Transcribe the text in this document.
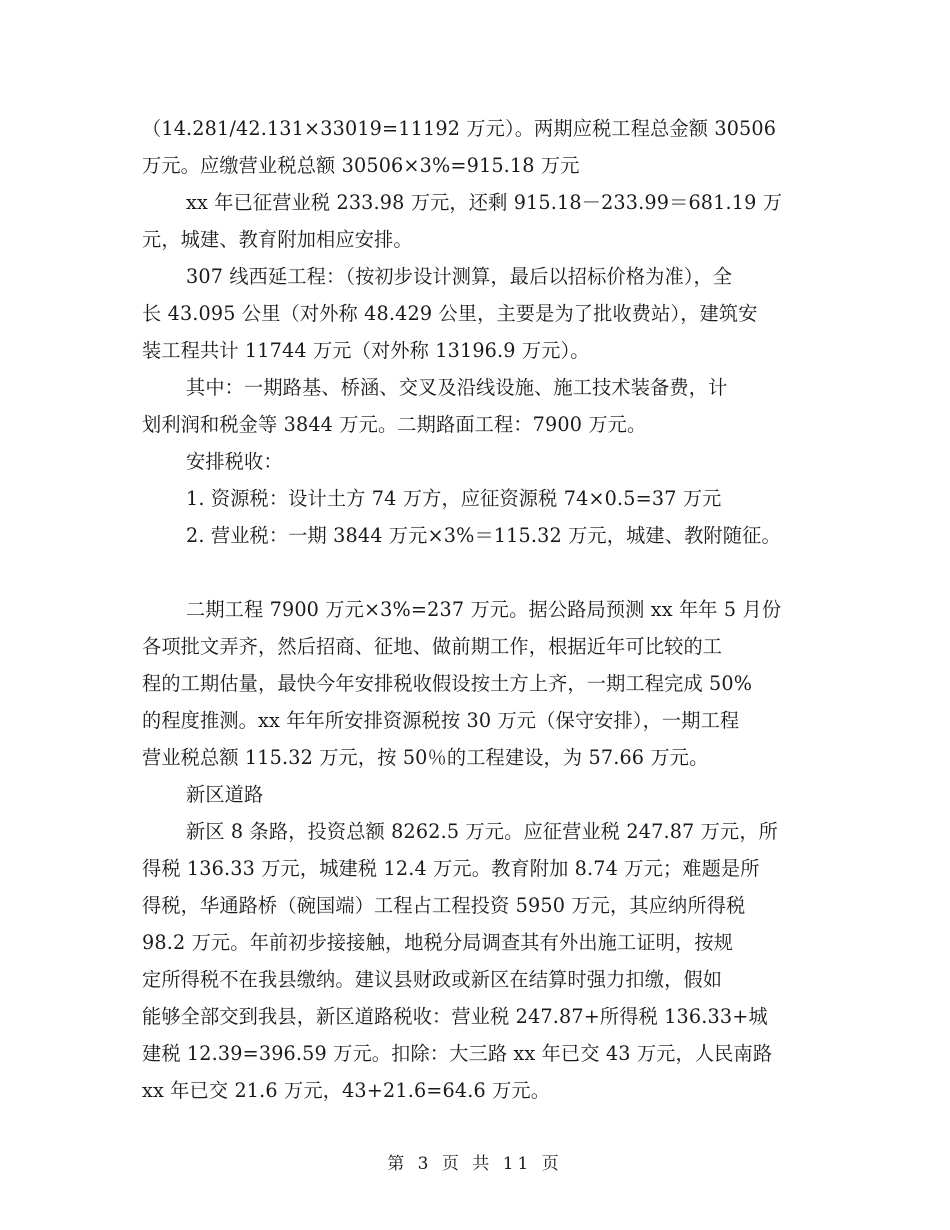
（14.281/42.131×33019=11192 万元）。两期应税工程总金额 30506
万元。应缴营业税总额 30506×3%=915.18 万元
xx 年已征营业税 233.98 万元，还剩 915.18－233.99＝681.19 万
元，城建、教育附加相应安排。
307 线西延工程：（按初步设计测算，最后以招标价格为准），全
长 43.095 公里（对外称 48.429 公里，主要是为了批收费站），建筑安
装工程共计 11744 万元（对外称 13196.9 万元）。
其中：一期路基、桥涵、交叉及沿线设施、施工技术装备费，计
划利润和税金等 3844 万元。二期路面工程：7900 万元。
安排税收：
1. 资源税：设计土方 74 万方，应征资源税 74×0.5=37 万元
2. 营业税：一期 3844 万元×3%＝115.32 万元，城建、教附随征。
二期工程 7900 万元×3%=237 万元。据公路局预测 xx 年年 5 月份
各项批文弄齐，然后招商、征地、做前期工作，根据近年可比较的工
程的工期估量，最快今年安排税收假设按土方上齐，一期工程完成 50%
的程度推测。xx 年年所安排资源税按 30 万元（保守安排），一期工程
营业税总额 115.32 万元，按 50％的工程建设，为 57.66 万元。
新区道路
新区 8 条路，投资总额 8262.5 万元。应征营业税 247.87 万元，所
得税 136.33 万元，城建税 12.4 万元。教育附加 8.74 万元；难题是所
得税，华通路桥（碗国端）工程占工程投资 5950 万元，其应纳所得税
98.2 万元。年前初步接接触，地税分局调查其有外出施工证明，按规
定所得税不在我县缴纳。建议县财政或新区在结算时强力扣缴，假如
能够全部交到我县，新区道路税收：营业税 247.87+所得税 136.33+城
建税 12.39=396.59 万元。扣除：大三路 xx 年已交 43 万元，人民南路
xx 年已交 21.6 万元，43+21.6=64.6 万元。
第 3 页 共 11 页
